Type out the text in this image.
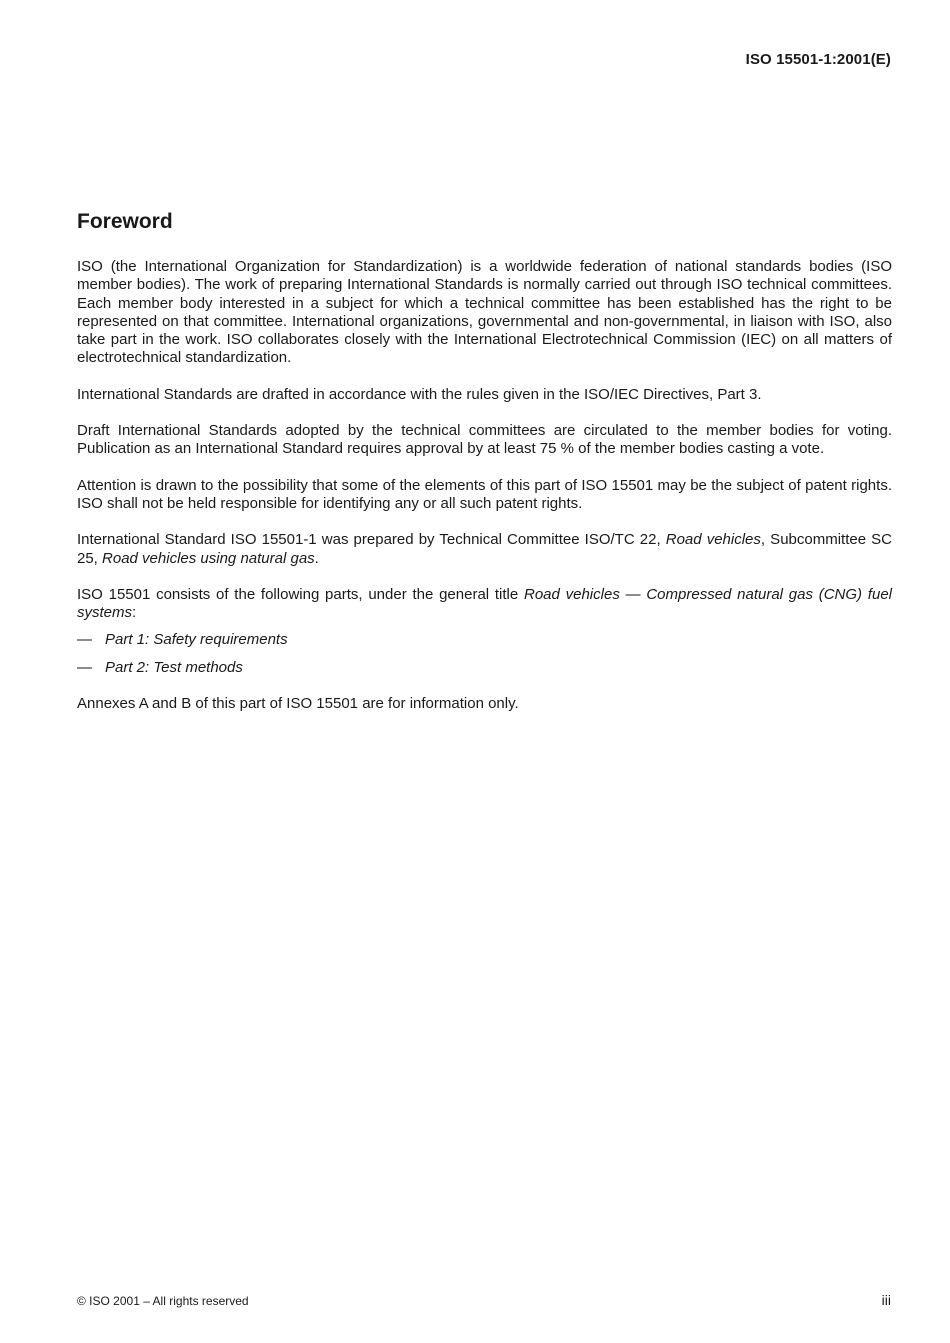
ISO 15501-1:2001(E)
Foreword

ISO (the International Organization for Standardization) is a worldwide federation of national standards bodies (ISO member bodies). The work of preparing International Standards is normally carried out through ISO technical committees. Each member body interested in a subject for which a technical committee has been established has the right to be represented on that committee. International organizations, governmental and non-governmental, in liaison with ISO, also take part in the work. ISO collaborates closely with the International Electrotechnical Commission (IEC) on all matters of electrotechnical standardization.

International Standards are drafted in accordance with the rules given in the ISO/IEC Directives, Part 3.

Draft International Standards adopted by the technical committees are circulated to the member bodies for voting. Publication as an International Standard requires approval by at least 75 % of the member bodies casting a vote.

Attention is drawn to the possibility that some of the elements of this part of ISO 15501 may be the subject of patent rights. ISO shall not be held responsible for identifying any or all such patent rights.

International Standard ISO 15501-1 was prepared by Technical Committee ISO/TC 22, Road vehicles, Subcommittee SC 25, Road vehicles using natural gas.

ISO 15501 consists of the following parts, under the general title Road vehicles — Compressed natural gas (CNG) fuel systems:

— Part 1: Safety requirements
— Part 2: Test methods

Annexes A and B of this part of ISO 15501 are for information only.

© ISO 2001 – All rights reserved	iii
